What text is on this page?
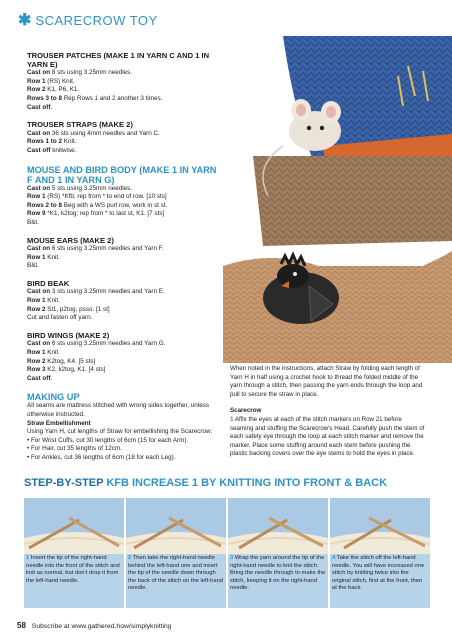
✱ SCARECROW TOY
TROUSER PATCHES (MAKE 1 IN YARN C AND 1 IN YARN E)
Cast on 8 sts using 3.25mm needles.
Row 1 (RS) Knit.
Row 2 K1, P6, K1.
Rows 3 to 8 Rep Rows 1 and 2 another 3 times.
Cast off.
TROUSER STRAPS (MAKE 2)
Cast on 36 sts using 4mm needles and Yarn C.
Rows 1 to 2 Knit.
Cast off knitwise.
MOUSE AND BIRD BODY (MAKE 1 IN YARN F AND 1 IN YARN G)
Cast on 5 sts using 3.25mm needles.
Row 1 (RS) *Kfb; rep from * to end of row. [10 sts]
Rows 2 to 8 Beg with a WS purl row, work in st st.
Row 9 *K1, k2tog; rep from * to last st, K1. [7 sts]
B&t.
MOUSE EARS (MAKE 2)
Cast on 6 sts using 3.25mm needles and Yarn F.
Row 1 Knit.
B&t.
BIRD BEAK
Cast on 3 sts using 3.25mm needles and Yarn E.
Row 1 Knit.
Row 2 Sl1, p2tog, psso. [1 st]
Cut and fasten off yarn.
BIRD WINGS (MAKE 2)
Cast on 6 sts using 3.25mm needles and Yarn G.
Row 1 Knit.
Row 2 K2tog, K4. [5 sts]
Row 3 K2, k2tog, K1. [4 sts]
Cast off.
MAKING UP
All seams are mattress stitched with wrong sides together, unless otherwise instructed.
Straw Embellishment
Using Yarn H, cut lengths of Straw for embellishing the Scarecrow:
• For Wrist Cuffs, cut 30 lengths of 6cm (15 for each Arm).
• For Hair, cut 35 lengths of 12cm.
• For Ankles, cut 36 lengths of 6cm (18 for each Leg).
When noted in the instructions, attach Straw by folding each length of Yarn H in half using a crochet hook to thread the folded middle of the yarn through a stitch, then passing the yarn ends through the loop and pull to secure the straw in place.
Scarecrow
1 Affix the eyes at each of the stitch markers on Row 21 before seaming and stuffing the Scarecrow's Head. Carefully push the stem of each safety eye through the loop at each stitch marker and remove the marker. Place some stuffing around each stem before pushing the plastic backing covers over the eye stems to hold the eyes in place.
STEP-BY-STEP KFB INCREASE 1 BY KNITTING INTO FRONT & BACK
1 Insert the tip of the right-hand needle into the front of the stitch and knit as normal, but don't drop it from the left-hand needle.
2 Then take the right-hand needle behind the left-hand one and insert the tip of the needle down through the back of the stitch on the left-hand needle.
3 Wrap the yarn around the tip of the right-hand needle to knit the stitch. Bring the needle through to make the stitch, keeping it on the right-hand needle.
4 Take the stitch off the left-hand needle. You will have increased one stitch by knitting twice into the original stitch, first at the front, then at the back.
58 Subscribe at www.gathered.how/simplyknitting
